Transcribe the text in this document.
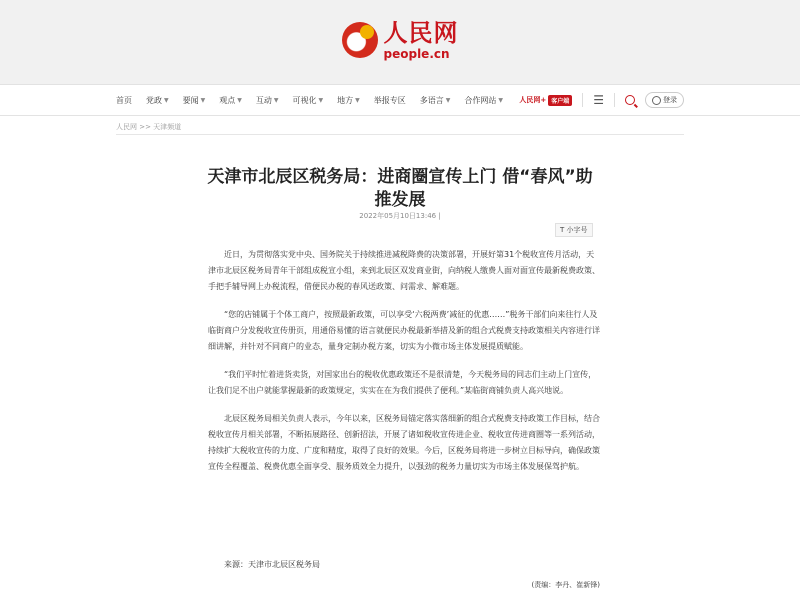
人民网
people.cn
首页 党政 ▼ 要闻 ▼ 观点 ▼ 互动 ▼ 可视化 ▼ 地方 ▼ 举报专区 多语言 ▼ 合作网站 ▼ 人民网+ 客户端 ☰	登录
人民网 >> 天津频道
天津市北辰区税务局：进商圈宣传上门 借“春风”助推发展
2022年05月10日13:46 |
T 小字号

近日，为贯彻落实党中央、国务院关于持续推进减税降费的决策部署，开展好第31个税收宣传月活动，天津市北辰区税务局青年干部组成税宣小组，来到北辰区双发商业街，向纳税人缴费人面对面宣传最新税费政策、手把手辅导网上办税流程，借便民办税的春风送政策、问需求、解难题。

“您的店铺属于个体工商户，按照最新政策，可以享受‘六税两费’减征的优惠……”税务干部们向来往行人及临街商户分发税收宣传册页，用通俗易懂的语言就便民办税最新举措及新的组合式税费支持政策相关内容进行详细讲解，并针对不同商户的业态，量身定制办税方案，切实为小微市场主体发展提质赋能。

“我们平时忙着进货卖货，对国家出台的税收优惠政策还不是很清楚，今天税务局的同志们主动上门宣传，让我们足不出户就能掌握最新的政策规定，实实在在为我们提供了便利。”某临街商铺负责人高兴地说。

北辰区税务局相关负责人表示，今年以来，区税务局锚定落实落细新的组合式税费支持政策工作目标，结合税收宣传月相关部署，不断拓展路径、创新招法，开展了诸如税收宣传进企业、税收宣传进商圈等一系列活动，持续扩大税收宣传的力度、广度和精度，取得了良好的效果。今后，区税务局将进一步树立目标导向，确保政策宣传全程覆盖、税费优惠全面享受、服务质效全力提升，以强劲的税务力量切实为市场主体发展保驾护航。

来源：天津市北辰区税务局
(责编：李丹、崔新锋)
